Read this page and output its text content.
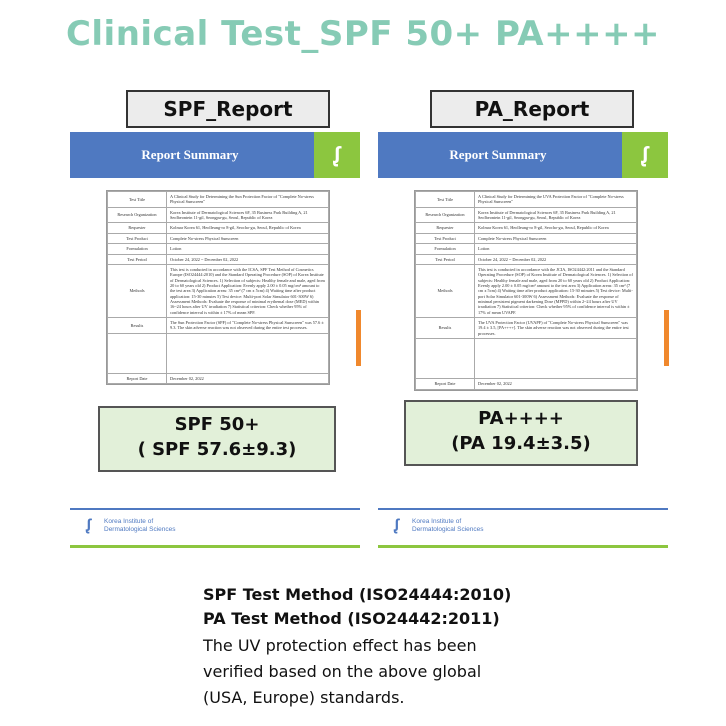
Clinical Test_SPF 50+ PA++++
SPF_Report
Report Summary	ᶘ
Test Title	A Clinical Study for Determining the Sun Protection Factor of "Complete No-stress Physical Sunscreen"
Research Organization	Korea Institute of Dermatological Sciences 6F, 35 Business Park Building A, 21 Seolbeontein 11-gil, Seongpu-gu, Seoul, Republic of Korea
Requester	Kolmar Korea 61, Heolleung-ro 8-gil, Seocho-gu, Seoul, Republic of Korea
Test Product	Complete No-stress Physical Sunscreen
Formulation	Lotion
Test Period	October 24, 2022 ~ December 02, 2022
Methods	This test is conducted in accordance with the ICSA, SPF Test Method of Cosmetics Europe (ISO24444:2010) and the Standard Operating Procedure (SOP) of Korea Institute of Dermatological Sciences. 1) Selection of subjects: Healthy female and male, aged from 20 to 60 years old 2) Product Application: Evenly apply 2.00 ± 0.05 mg/cm² amount to the test area 3) Application areas: 35 cm² (7 cm x 5cm) 4) Waiting time after product application: 15-30 minutes 5) Test device: Multi-port Solar Simulator 601-300W 6) Assessment Methods: Evaluate the response of minimal erythemal dose (MED) within 16~24 hours after UV irradiation 7) Statistical criterion: Check whether 95% of confidence interval is within ± 17% of mean SPF.
Results	The Sun Protection Factor (SPF) of "Complete No-stress Physical Sunscreen" was 57.6 ± 9.3. The skin adverse reaction was not observed during the entire test processes.

Report Date	December 02, 2022
SPF 50+
( SPF 57.6±9.3)
ᶘ	Korea Institute of
Dermatological Sciences
PA_Report
Report Summary	ᶘ
Test Title	A Clinical Study for Determining the UVA Protection Factor of "Complete No-stress Physical Sunscreen"
Research Organization	Korea Institute of Dermatological Sciences 6F, 35 Business Park Building A, 21 Seolbeontein 11-gil, Seongpu-gu, Seoul, Republic of Korea
Requester	Kolmar Korea 61, Heolleung-ro 8-gil, Seocho-gu, Seoul, Republic of Korea
Test Product	Complete No-stress Physical Sunscreen
Formulation	Lotion
Test Period	October 24, 2022 ~ December 02, 2022
Methods	This test is conducted in accordance with the JCIA, ISO24442:2011 and the Standard Operating Procedure (SOP) of Korea Institute of Dermatological Sciences. 1) Selection of subjects: Healthy female and male, aged from 20 to 60 years old 2) Product Application: Evenly apply 2.00 ± 0.05 mg/cm² amount to the test area 3) Application areas: 35 cm² (7 cm x 5cm) 4) Waiting time after product application: 15-30 minutes 5) Test device: Multi-port Solar Simulator 601-300W 6) Assessment Methods: Evaluate the response of minimal persistent pigment darkening Dose (MPPD) within 2~24 hours after UV irradiation 7) Statistical criterion: Check whether 95% of confidence interval is within ± 17% of mean UVAPF.
Results	The UVA Protection Factor (UVAPF) of "Complete No-stress Physical Sunscreen" was 19.4 ± 3.5, [PA++++]. The skin adverse reaction was not observed during the entire test processes.

Report Date	December 02, 2022
PA++++
(PA 19.4±3.5)
ᶘ	Korea Institute of
Dermatological Sciences
SPF Test Method (ISO24444:2010)
PA Test Method (ISO24442:2011)
The UV protection effect has been
verified based on the above global
(USA, Europe) standards.
